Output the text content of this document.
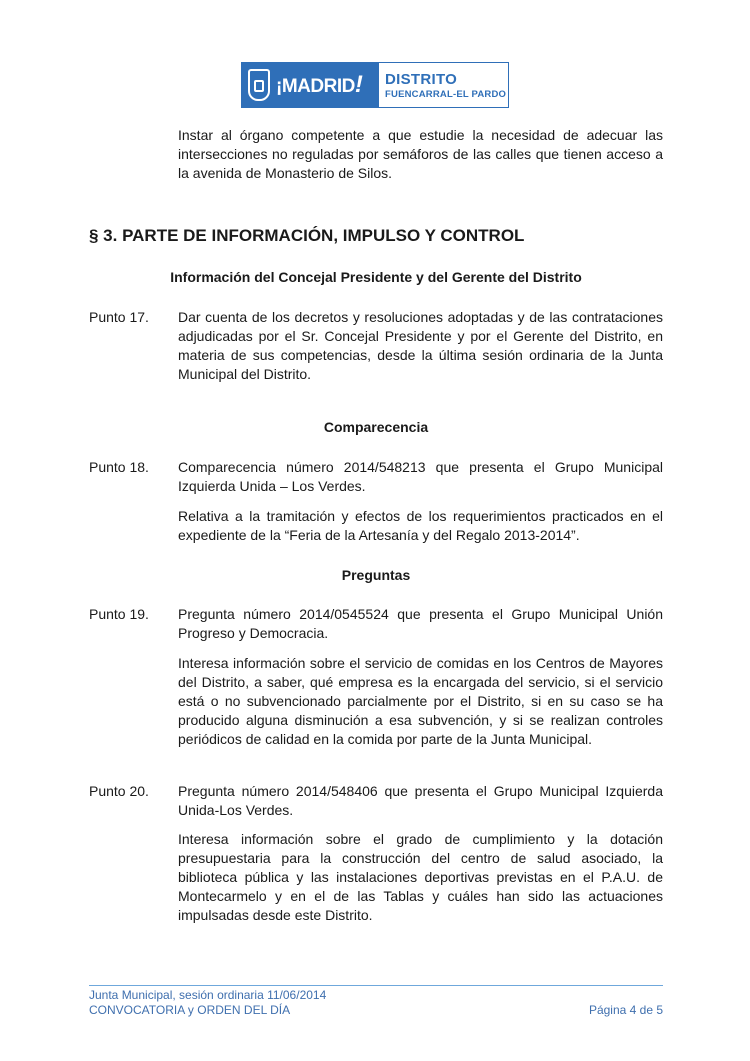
¡MADRID! DISTRITO
FUENCARRAL-EL PARDO
Instar al órgano competente a que estudie la necesidad de adecuar las intersecciones no reguladas por semáforos de las calles que tienen acceso a la avenida de Monasterio de Silos.
§ 3. PARTE DE INFORMACIÓN, IMPULSO Y CONTROL
Información del Concejal Presidente y del Gerente del Distrito
Punto 17. Dar cuenta de los decretos y resoluciones adoptadas y de las contrataciones adjudicadas por el Sr. Concejal Presidente y por el Gerente del Distrito, en materia de sus competencias, desde la última sesión ordinaria de la Junta Municipal del Distrito.
Comparecencia
Punto 18. Comparecencia número 2014/548213 que presenta el Grupo Municipal Izquierda Unida – Los Verdes.
Relativa a la tramitación y efectos de los requerimientos practicados en el expediente de la “Feria de la Artesanía y del Regalo 2013-2014”.
Preguntas
Punto 19. Pregunta número 2014/0545524 que presenta el Grupo Municipal Unión Progreso y Democracia.
Interesa información sobre el servicio de comidas en los Centros de Mayores del Distrito, a saber, qué empresa es la encargada del servicio, si el servicio está o no subvencionado parcialmente por el Distrito, si en su caso se ha producido alguna disminución a esa subvención, y si se realizan controles periódicos de calidad en la comida por parte de la Junta Municipal.
Punto 20. Pregunta número 2014/548406 que presenta el Grupo Municipal Izquierda Unida-Los Verdes.
Interesa información sobre el grado de cumplimiento y la dotación presupuestaria para la construcción del centro de salud asociado, la biblioteca pública y las instalaciones deportivas previstas en el P.A.U. de Montecarmelo y en el de las Tablas y cuáles han sido las actuaciones impulsadas desde este Distrito.
Junta Municipal, sesión ordinaria 11/06/2014
CONVOCATORIA y ORDEN DEL DÍA	Página 4 de 5
